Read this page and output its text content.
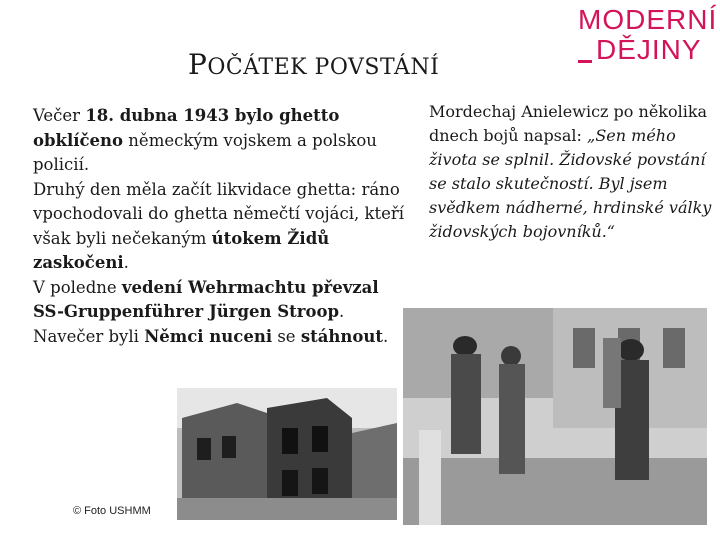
MODERNÍ
DĚJINY
POČÁTEK POVSTÁNÍ

Večer 18. dubna 1943 bylo ghetto obklíčeno německým vojskem a polskou policií.

Druhý den měla začít likvidace ghetta: ráno vpochodovali do ghetta němečtí vojáci, kteří však byli nečekaným útokem Židů zaskočeni.

V poledne vedení Wehrmachtu převzal SS-Gruppenführer Jürgen Stroop.

Navečer byli Němci nuceni se stáhnout.

Mordechaj Anielewicz po několika dnech bojů napsal: „Sen mého života se splnil. Židovské povstání se stalo skutečností. Byl jsem svědkem nádherné, hrdinské války židovských bojovníků.“
© Foto USHMM
